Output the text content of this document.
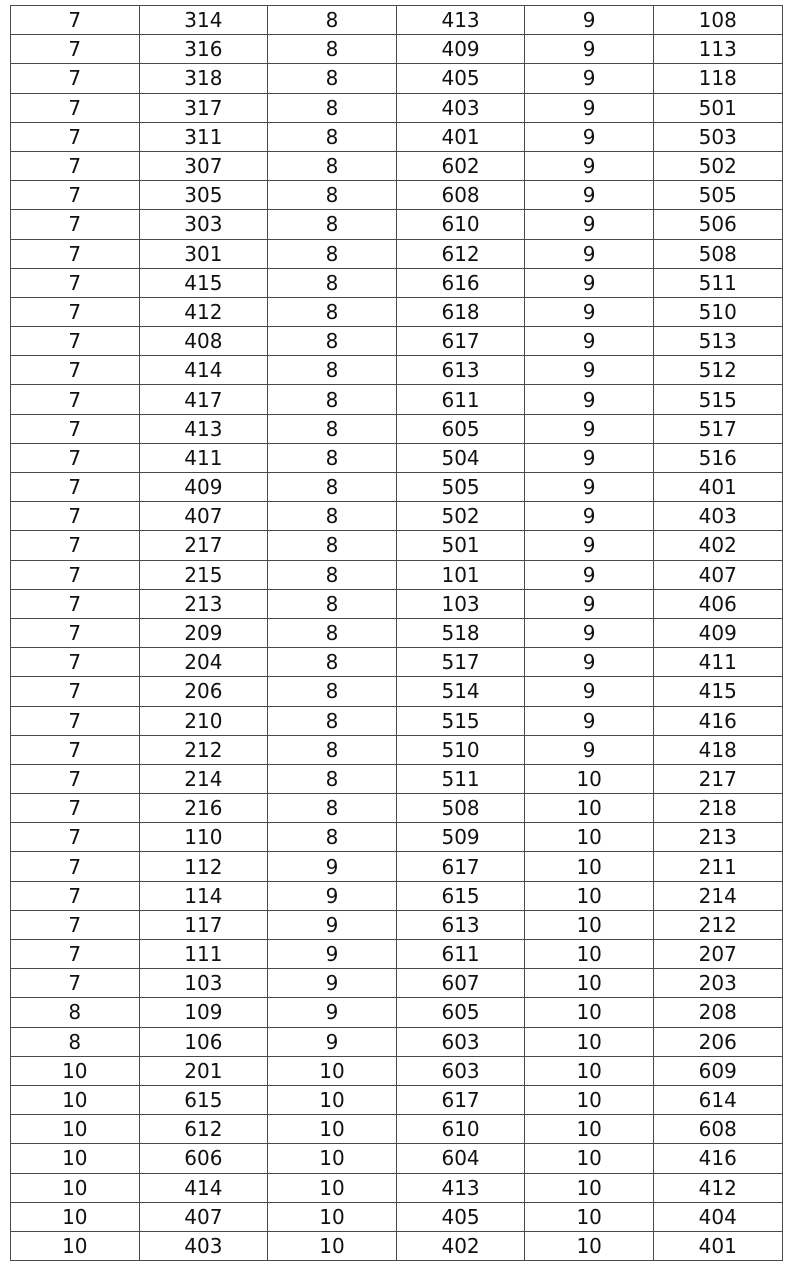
7	314	8	413	9	108
7	316	8	409	9	113
7	318	8	405	9	118
7	317	8	403	9	501
7	311	8	401	9	503
7	307	8	602	9	502
7	305	8	608	9	505
7	303	8	610	9	506
7	301	8	612	9	508
7	415	8	616	9	511
7	412	8	618	9	510
7	408	8	617	9	513
7	414	8	613	9	512
7	417	8	611	9	515
7	413	8	605	9	517
7	411	8	504	9	516
7	409	8	505	9	401
7	407	8	502	9	403
7	217	8	501	9	402
7	215	8	101	9	407
7	213	8	103	9	406
7	209	8	518	9	409
7	204	8	517	9	411
7	206	8	514	9	415
7	210	8	515	9	416
7	212	8	510	9	418
7	214	8	511	10	217
7	216	8	508	10	218
7	110	8	509	10	213
7	112	9	617	10	211
7	114	9	615	10	214
7	117	9	613	10	212
7	111	9	611	10	207
7	103	9	607	10	203
8	109	9	605	10	208
8	106	9	603	10	206
10	201	10	603	10	609
10	615	10	617	10	614
10	612	10	610	10	608
10	606	10	604	10	416
10	414	10	413	10	412
10	407	10	405	10	404
10	403	10	402	10	401
